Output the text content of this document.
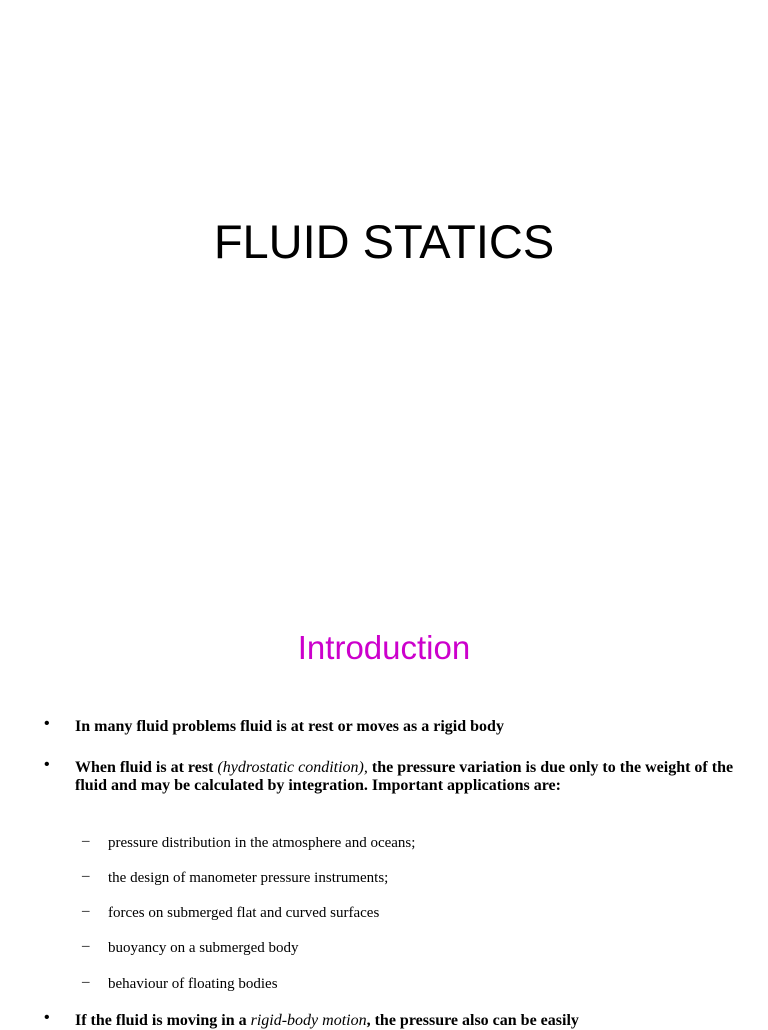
FLUID STATICS
Introduction
• In many fluid problems fluid is at rest or moves as a rigid body
• When fluid is at rest (hydrostatic condition), the pressure variation is due only to the weight of the fluid and may be calculated by integration. Important applications are:
– pressure distribution in the atmosphere and oceans;
– the design of manometer pressure instruments;
– forces on submerged flat and curved surfaces
– buoyancy on a submerged body
– behaviour of floating bodies
• If the fluid is moving in a rigid-body motion, the pressure also can be easily
